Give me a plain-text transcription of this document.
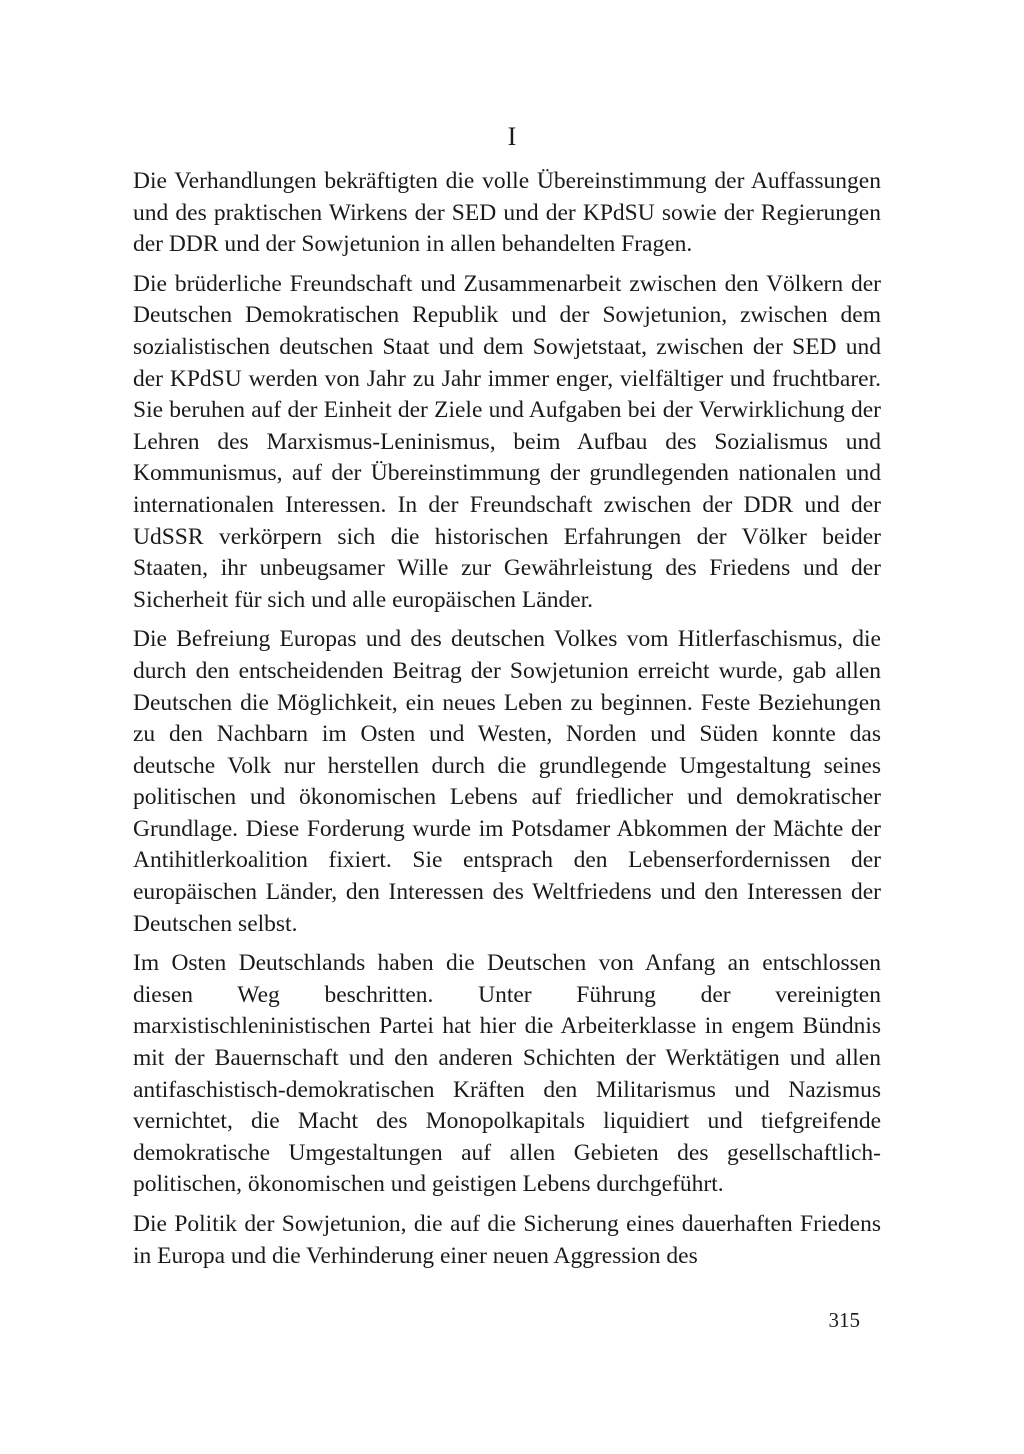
I

Die Verhandlungen bekräftigten die volle Übereinstimmung der Auffassungen und des praktischen Wirkens der SED und der KPdSU sowie der Regierungen der DDR und der Sowjetunion in allen behandelten Fragen.

Die brüderliche Freundschaft und Zusammenarbeit zwischen den Völkern der Deutschen Demokratischen Republik und der Sowjetunion, zwischen dem sozialistischen deutschen Staat und dem Sowjetstaat, zwischen der SED und der KPdSU werden von Jahr zu Jahr immer enger, vielfältiger und fruchtbarer. Sie beruhen auf der Einheit der Ziele und Aufgaben bei der Verwirklichung der Lehren des Marxismus-Leninismus, beim Aufbau des Sozialismus und Kommunismus, auf der Übereinstimmung der grundlegenden nationalen und internationalen Interessen. In der Freundschaft zwischen der DDR und der UdSSR verkörpern sich die historischen Erfahrungen der Völker beider Staaten, ihr unbeugsamer Wille zur Gewährleistung des Friedens und der Sicherheit für sich und alle europäischen Länder.

Die Befreiung Europas und des deutschen Volkes vom Hitlerfaschismus, die durch den entscheidenden Beitrag der Sowjetunion erreicht wurde, gab allen Deutschen die Möglichkeit, ein neues Leben zu beginnen. Feste Beziehungen zu den Nachbarn im Osten und Westen, Norden und Süden konnte das deutsche Volk nur herstellen durch die grundlegende Umgestaltung seines politischen und ökonomischen Lebens auf friedlicher und demokratischer Grundlage. Diese Forderung wurde im Potsdamer Abkommen der Mächte der Antihitlerkoalition fixiert. Sie entsprach den Lebenserfordernissen der europäischen Länder, den Interessen des Weltfriedens und den Interessen der Deutschen selbst.

Im Osten Deutschlands haben die Deutschen von Anfang an entschlossen diesen Weg beschritten. Unter Führung der vereinigten marxistischleninistischen Partei hat hier die Arbeiterklasse in engem Bündnis mit der Bauernschaft und den anderen Schichten der Werktätigen und allen antifaschistisch-demokratischen Kräften den Militarismus und Nazismus vernichtet, die Macht des Monopolkapitals liquidiert und tiefgreifende demokratische Umgestaltungen auf allen Gebieten des gesellschaftlich-politischen, ökonomischen und geistigen Lebens durchgeführt.

Die Politik der Sowjetunion, die auf die Sicherung eines dauerhaften Friedens in Europa und die Verhinderung einer neuen Aggression des

315
